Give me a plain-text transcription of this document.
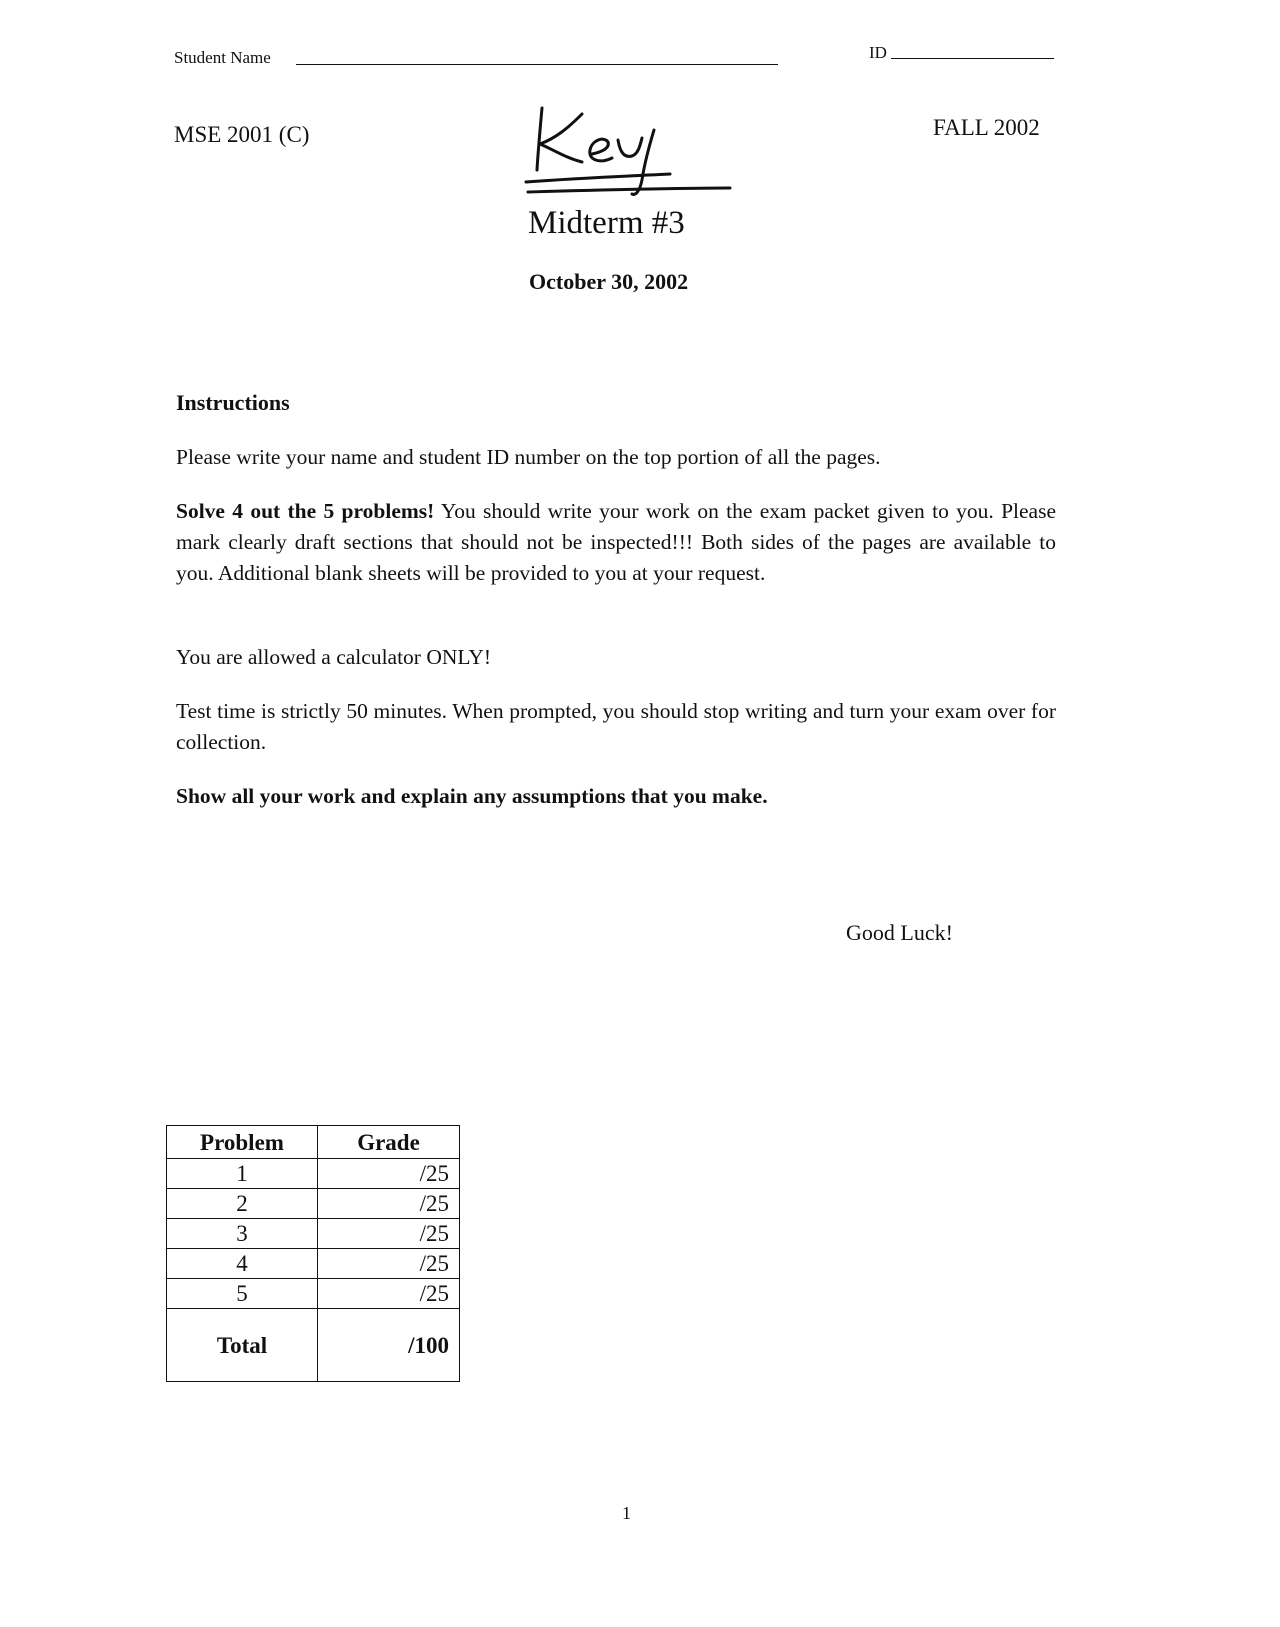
Student Name	ID
MSE 2001 (C)	FALL 2002
Midterm #3
October 30, 2002
Instructions

Please write your name and student ID number on the top portion of all the pages.

Solve 4 out the 5 problems! You should write your work on the exam packet given to you. Please mark clearly draft sections that should not be inspected!!! Both sides of the pages are available to you. Additional blank sheets will be provided to you at your request.

You are allowed a calculator ONLY!

Test time is strictly 50 minutes. When prompted, you should stop writing and turn your exam over for collection.

Show all your work and explain any assumptions that you make.

Good Luck!
Problem	Grade
1	/25
2	/25
3	/25
4	/25
5	/25
Total	/100
1
